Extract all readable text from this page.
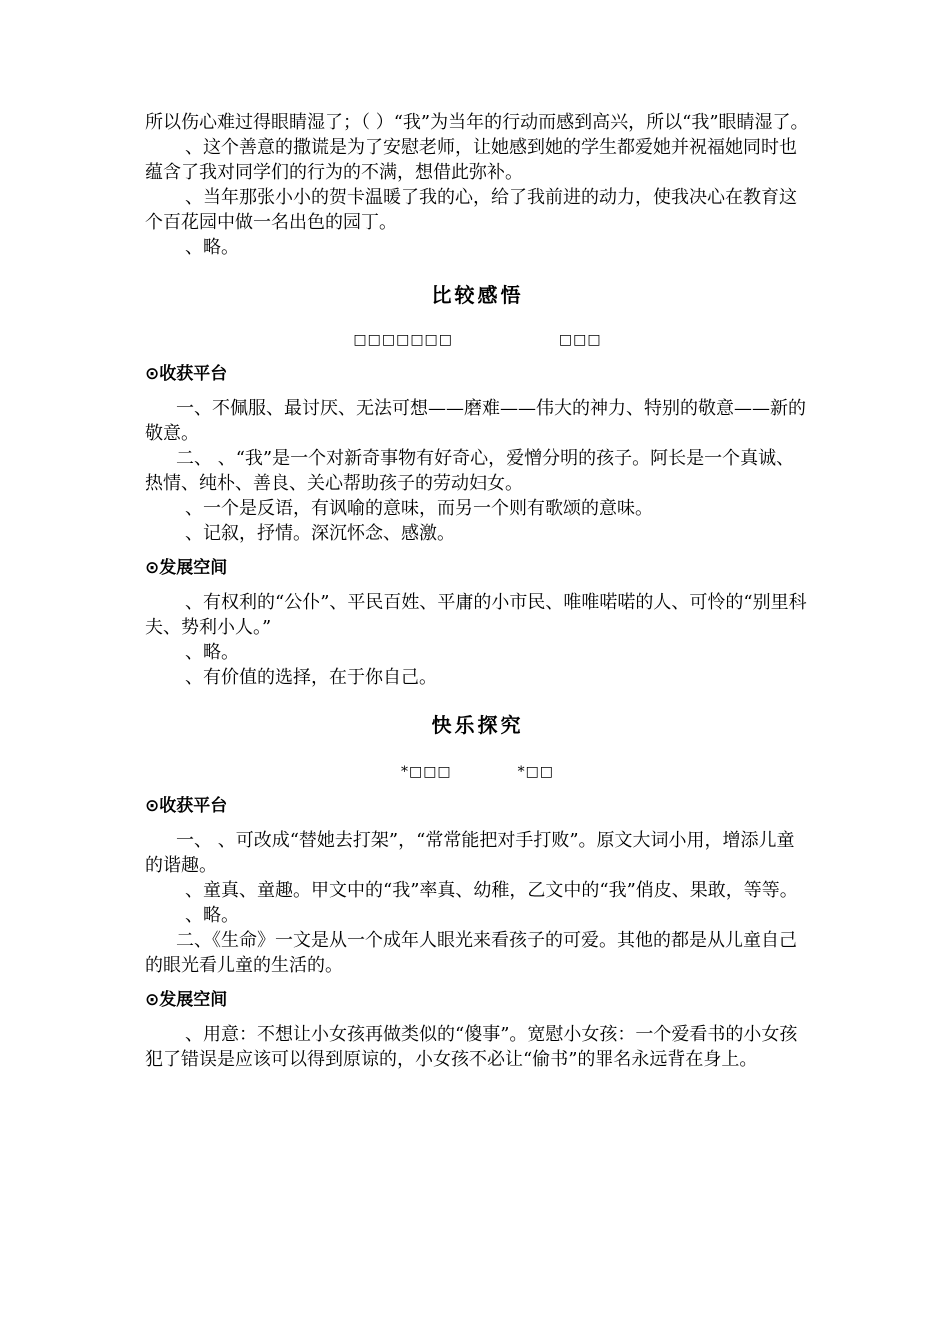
所以伤心难过得眼睛湿了；（ ）“我”为当年的行动而感到高兴，所以“我”眼睛湿了。

、这个善意的撒谎是为了安慰老师，让她感到她的学生都爱她并祝福她同时也蕴含了我对同学们的行为的不满，想借此弥补。

、当年那张小小的贺卡温暖了我的心，给了我前进的动力，使我决心在教育这个百花园中做一名出色的园丁。

、略。

比较感悟
□□□□□□□	□□□
⊙收获平台

一、不佩服、最讨厌、无法可想——磨难——伟大的神力、特别的敬意——新的敬意。

二、 、“我”是一个对新奇事物有好奇心，爱憎分明的孩子。阿长是一个真诚、热情、纯朴、善良、关心帮助孩子的劳动妇女。

、一个是反语，有讽喻的意味，而另一个则有歌颂的意味。

、记叙，抒情。深沉怀念、感激。

⊙发展空间

、有权利的“公仆”、平民百姓、平庸的小市民、唯唯喏喏的人、可怜的“别里科夫、势利小人。”

、略。

、有价值的选择，在于你自己。

快乐探究
*□□□	*□□
⊙收获平台

一、 、可改成“替她去打架”，“常常能把对手打败”。原文大词小用，增添儿童的谐趣。

、童真、童趣。甲文中的“我”率真、幼稚，乙文中的“我”俏皮、果敢，等等。

、略。

二、《生命》一文是从一个成年人眼光来看孩子的可爱。其他的都是从儿童自己的眼光看儿童的生活的。

⊙发展空间

、用意：不想让小女孩再做类似的“傻事”。宽慰小女孩：一个爱看书的小女孩犯了错误是应该可以得到原谅的，小女孩不必让“偷书”的罪名永远背在身上。
